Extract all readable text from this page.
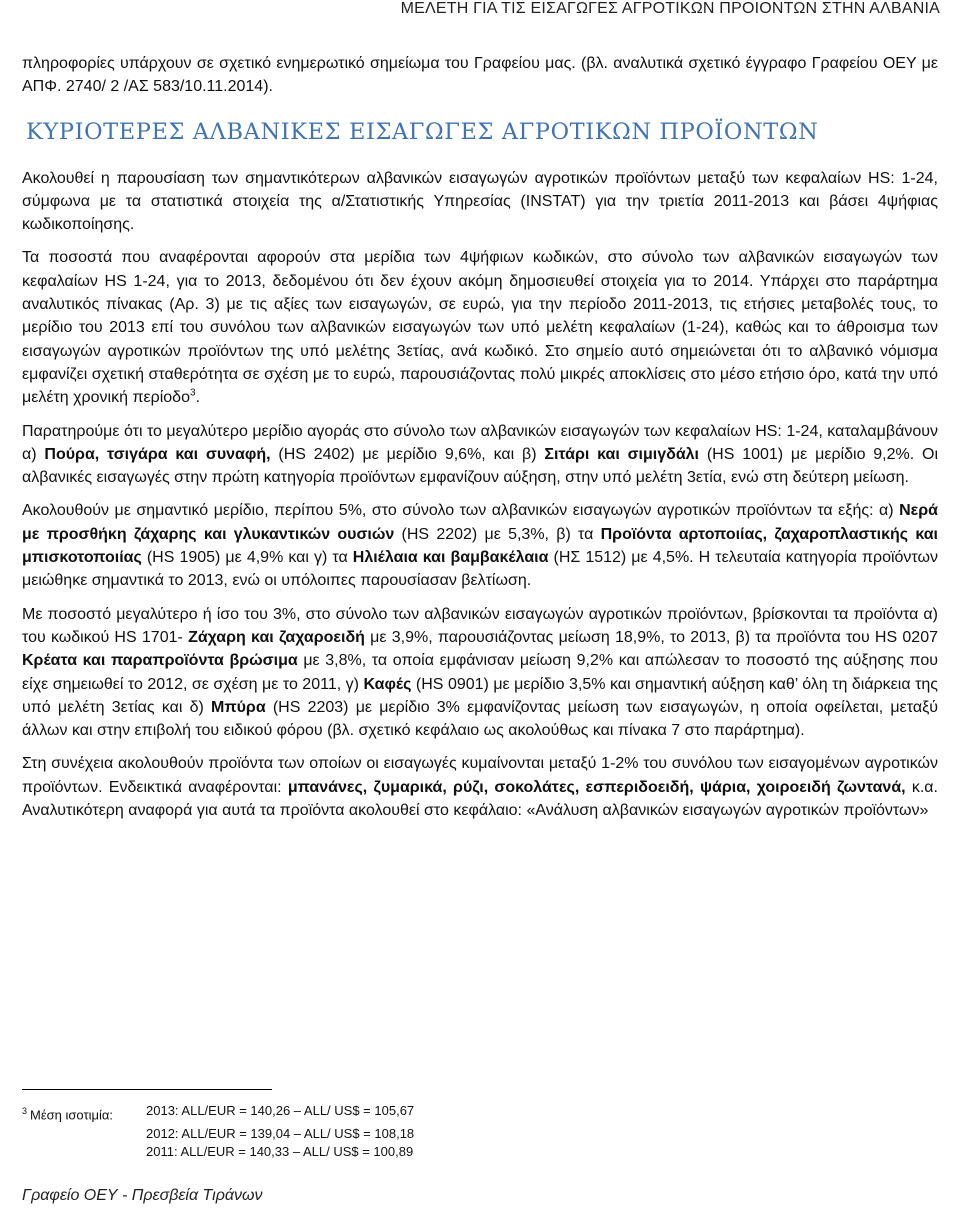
ΜΕΛΕΤΗ ΓΙΑ ΤΙΣ ΕΙΣΑΓΩΓΕΣ ΑΓΡΟΤΙΚΩΝ ΠΡΟΙΟΝΤΩΝ ΣΤΗΝ ΑΛΒΑΝΙΑ

πληροφορίες υπάρχουν σε σχετικό ενημερωτικό σημείωμα του Γραφείου μας. (βλ. αναλυτικά σχετικό έγγραφο Γραφείου ΟΕΥ με ΑΠΦ. 2740/ 2 /ΑΣ 583/10.11.2014).

ΚΥΡΙΟΤΕΡΕΣ ΑΛΒΑΝΙΚΕΣ ΕΙΣΑΓΩΓΕΣ ΑΓΡΟΤΙΚΩΝ ΠΡΟΪΟΝΤΩΝ

Ακολουθεί η παρουσίαση των σημαντικότερων αλβανικών εισαγωγών αγροτικών προϊόντων μεταξύ των κεφαλαίων HS: 1-24, σύμφωνα με τα στατιστικά στοιχεία της α/Στατιστικής Υπηρεσίας (INSTAT) για την τριετία 2011-2013 και βάσει 4ψήφιας κωδικοποίησης.

Τα ποσοστά που αναφέρονται αφορούν στα μερίδια των 4ψήφιων κωδικών, στο σύνολο των αλβανικών εισαγωγών των κεφαλαίων HS 1-24, για το 2013, δεδομένου ότι δεν έχουν ακόμη δημοσιευθεί στοιχεία για το 2014. Υπάρχει στο παράρτημα αναλυτικός πίνακας (Αρ. 3) με τις αξίες των εισαγωγών, σε ευρώ, για την περίοδο 2011-2013, τις ετήσιες μεταβολές τους, το μερίδιο του 2013 επί του συνόλου των αλβανικών εισαγωγών των υπό μελέτη κεφαλαίων (1-24), καθώς και το άθροισμα των εισαγωγών αγροτικών προϊόντων της υπό μελέτης 3ετίας, ανά κωδικό. Στο σημείο αυτό σημειώνεται ότι το αλβανικό νόμισμα εμφανίζει σχετική σταθερότητα σε σχέση με το ευρώ, παρουσιάζοντας πολύ μικρές αποκλίσεις στο μέσο ετήσιο όρο, κατά την υπό μελέτη χρονική περίοδο$^3$.

Παρατηρούμε ότι το μεγαλύτερο μερίδιο αγοράς στο σύνολο των αλβανικών εισαγωγών των κεφαλαίων HS: 1-24, καταλαμβάνουν α) Πούρα, τσιγάρα και συναφή, (HS 2402) με μερίδιο 9,6%, και β) Σιτάρι και σιμιγδάλι (HS 1001) με μερίδιο 9,2%. Οι αλβανικές εισαγωγές στην πρώτη κατηγορία προϊόντων εμφανίζουν αύξηση, στην υπό μελέτη 3ετία, ενώ στη δεύτερη μείωση.

Ακολουθούν με σημαντικό μερίδιο, περίπου 5%, στο σύνολο των αλβανικών εισαγωγών αγροτικών προϊόντων τα εξής: α) Νερά με προσθήκη ζάχαρης και γλυκαντικών ουσιών (HS 2202) με 5,3%, β) τα Προϊόντα αρτοποιίας, ζαχαροπλαστικής και μπισκοτοποιίας (HS 1905) με 4,9% και γ) τα Ηλιέλαια και βαμβακέλαια (ΗΣ 1512) με 4,5%. Η τελευταία κατηγορία προϊόντων μειώθηκε σημαντικά το 2013, ενώ οι υπόλοιπες παρουσίασαν βελτίωση.

Με ποσοστό μεγαλύτερο ή ίσο του 3%, στο σύνολο των αλβανικών εισαγωγών αγροτικών προϊόντων, βρίσκονται τα προϊόντα α) του κωδικού HS 1701- Ζάχαρη και ζαχαροειδή με 3,9%, παρουσιάζοντας μείωση 18,9%, το 2013, β) τα προϊόντα του HS 0207 Κρέατα και παραπροϊόντα βρώσιμα με 3,8%, τα οποία εμφάνισαν μείωση 9,2% και απώλεσαν το ποσοστό της αύξησης που είχε σημειωθεί το 2012, σε σχέση με το 2011, γ) Καφές (HS 0901) με μερίδιο 3,5% και σημαντική αύξηση καθ’ όλη τη διάρκεια της υπό μελέτη 3ετίας και δ) Μπύρα (HS 2203) με μερίδιο 3% εμφανίζοντας μείωση των εισαγωγών, η οποία οφείλεται, μεταξύ άλλων και στην επιβολή του ειδικού φόρου (βλ. σχετικό κεφάλαιο ως ακολούθως και πίνακα 7 στο παράρτημα).

Στη συνέχεια ακολουθούν προϊόντα των οποίων οι εισαγωγές κυμαίνονται μεταξύ 1-2% του συνόλου των εισαγομένων αγροτικών προϊόντων. Ενδεικτικά αναφέρονται: μπανάνες, ζυμαρικά, ρύζι, σοκολάτες, εσπεριδοειδή, ψάρια, χοιροειδή ζωντανά, κ.α. Αναλυτικότερη αναφορά για αυτά τα προϊόντα ακολουθεί στο κεφάλαιο: «Ανάλυση αλβανικών εισαγωγών αγροτικών προϊόντων»

$^3$ Μέση ισοτιμία:	2013: ALL/EUR = 140,26 – ALL/ US$ = 105,67
2012: ALL/EUR = 139,04 – ALL/ US$ = 108,18
2011: ALL/EUR = 140,33 – ALL/ US$ = 100,89
Γραφείο ΟΕΥ - Πρεσβεία Τιράνων
